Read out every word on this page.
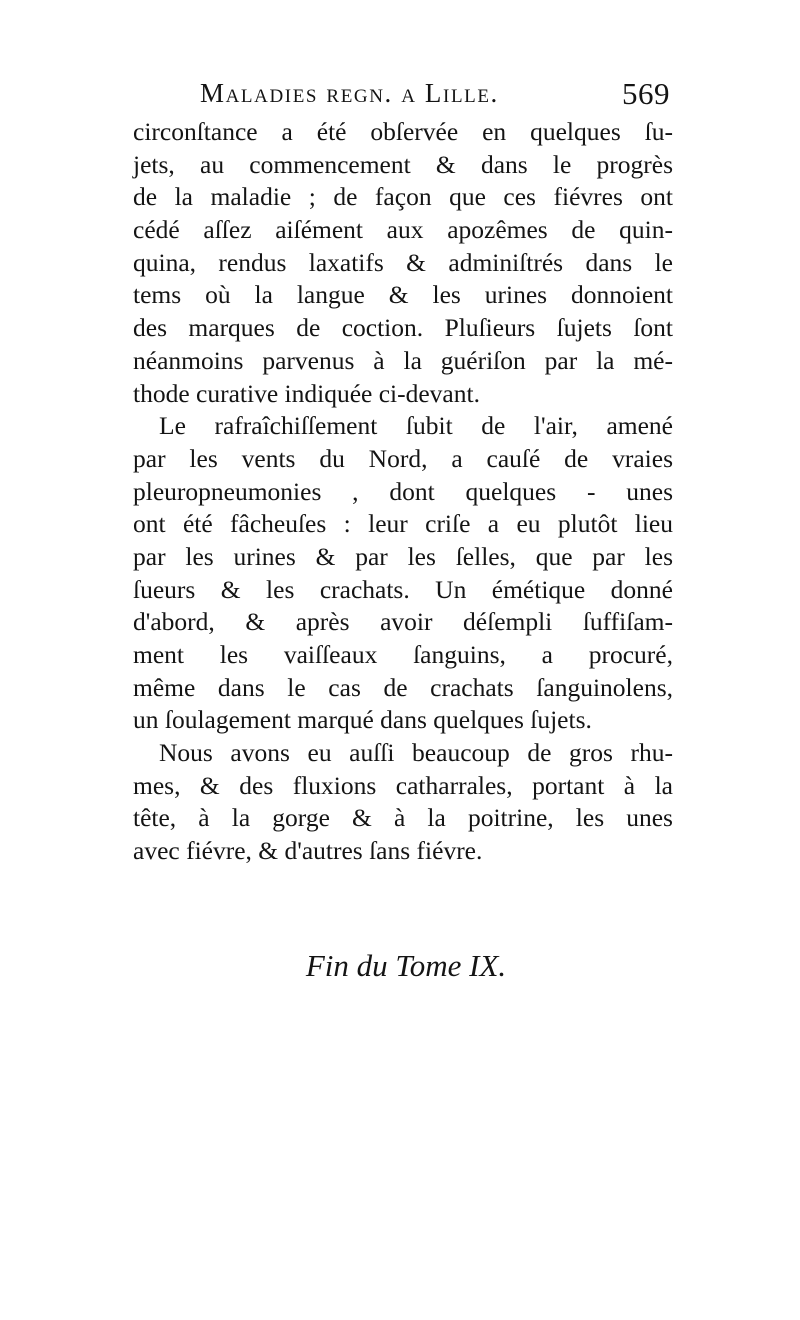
Maladies regn. a Lille.	569
circonſtance a été obſervée en quelques ſu-
jets, au commencement & dans le progrès
de la maladie ; de façon que ces fiévres ont
cédé aſſez aiſément aux apozêmes de quin-
quina, rendus laxatifs & adminiſtrés dans le
tems où la langue & les urines donnoient
des marques de coction. Pluſieurs ſujets ſont
néanmoins parvenus à la guériſon par la mé-
thode curative indiquée ci-devant.
Le rafraîchiſſement ſubit de l'air, amené
par les vents du Nord, a cauſé de vraies
pleuropneumonies , dont quelques - unes
ont été fâcheuſes : leur criſe a eu plutôt lieu
par les urines & par les ſelles, que par les
ſueurs & les crachats. Un émétique donné
d'abord, & après avoir déſempli ſuffiſam-
ment les vaiſſeaux ſanguins, a procuré,
même dans le cas de crachats ſanguinolens,
un ſoulagement marqué dans quelques ſujets.
Nous avons eu auſſi beaucoup de gros rhu-
mes, & des fluxions catharrales, portant à la
tête, à la gorge & à la poitrine, les unes
avec fiévre, & d'autres ſans fiévre.
Fin du Tome IX.
